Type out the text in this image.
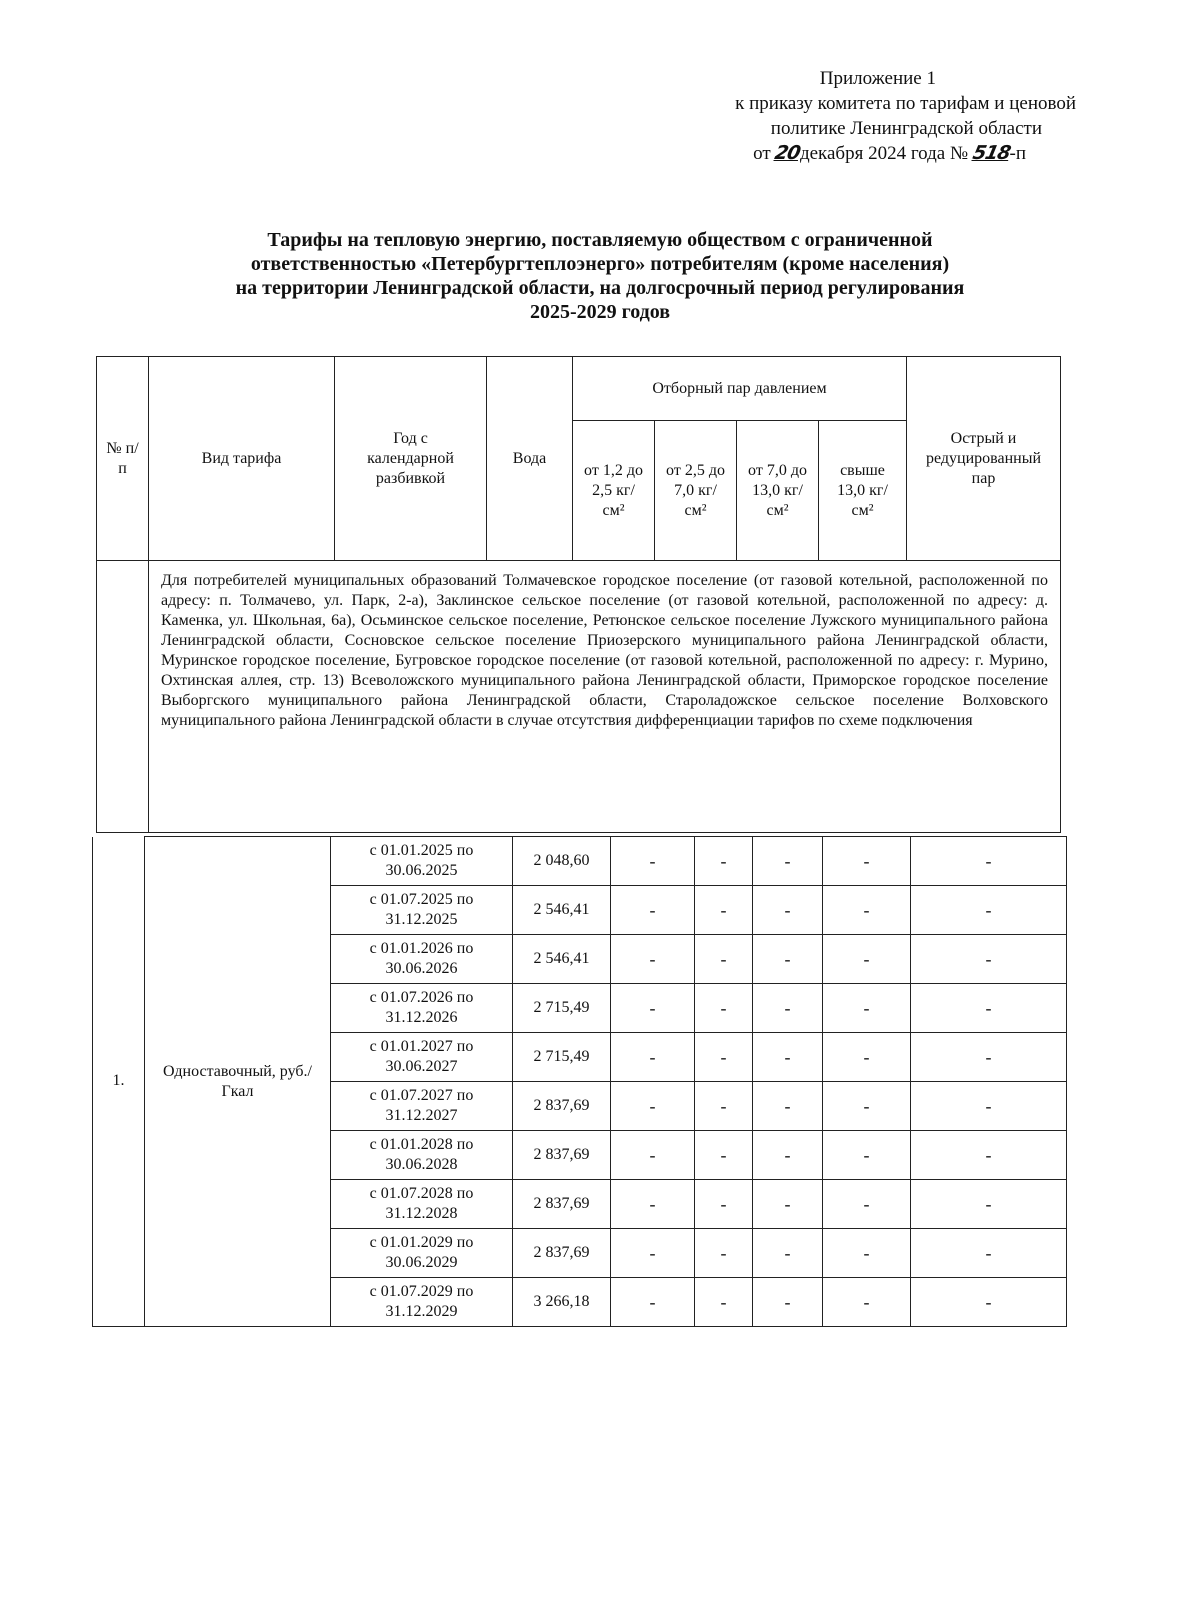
Приложение 1
к приказу комитета по тарифам и ценовой
политике Ленинградской области
от 20декабря 2024 года № 518-п
Тарифы на тепловую энергию, поставляемую обществом с ограниченной
ответственностью «Петербургтеплоэнерго» потребителям (кроме населения)
на территории Ленинградской области, на долгосрочный период регулирования
2025-2029 годов
№ п/п	Вид тарифа	Год с календарной разбивкой	Вода	Отборный пар давлением				Острый и редуцированный пар
				от 1,2 до 2,5 кг/см²	от 2,5 до 7,0 кг/см²	от 7,0 до 13,0 кг/см²	свыше 13,0 кг/см²	
	Для потребителей муниципальных образований Толмачевское городское поселение (от газовой котельной, расположенной по адресу: п. Толмачево, ул. Парк, 2-а), Заклинское сельское поселение (от газовой котельной, расположенной по адресу: д. Каменка, ул. Школьная, 6а), Осьминское сельское поселение, Ретюнское сельское поселение Лужского муниципального района Ленинградской области, Сосновское сельское поселение Приозерского муниципального района Ленинградской области, Муринское городское поселение, Бугровское городское поселение (от газовой котельной, расположенной по адресу: г. Мурино, Охтинская аллея, стр. 13) Всеволожского муниципального района Ленинградской области, Приморское городское поселение Выборгского муниципального района Ленинградской области, Староладожское сельское поселение Волховского муниципального района Ленинградской области в случае отсутствия дифференциации тарифов по схеме подключения							
1.	Одноставочный, руб./Гкал	с 01.01.2025 по 30.06.2025	2 048,60	-	-	-	-	-
		с 01.07.2025 по 31.12.2025	2 546,41	-	-	-	-	-
		с 01.01.2026 по 30.06.2026	2 546,41	-	-	-	-	-
		с 01.07.2026 по 31.12.2026	2 715,49	-	-	-	-	-
		с 01.01.2027 по 30.06.2027	2 715,49	-	-	-	-	-
		с 01.07.2027 по 31.12.2027	2 837,69	-	-	-	-	-
		с 01.01.2028 по 30.06.2028	2 837,69	-	-	-	-	-
		с 01.07.2028 по 31.12.2028	2 837,69	-	-	-	-	-
		с 01.01.2029 по 30.06.2029	2 837,69	-	-	-	-	-
		с 01.07.2029 по 31.12.2029	3 266,18	-	-	-	-	-
